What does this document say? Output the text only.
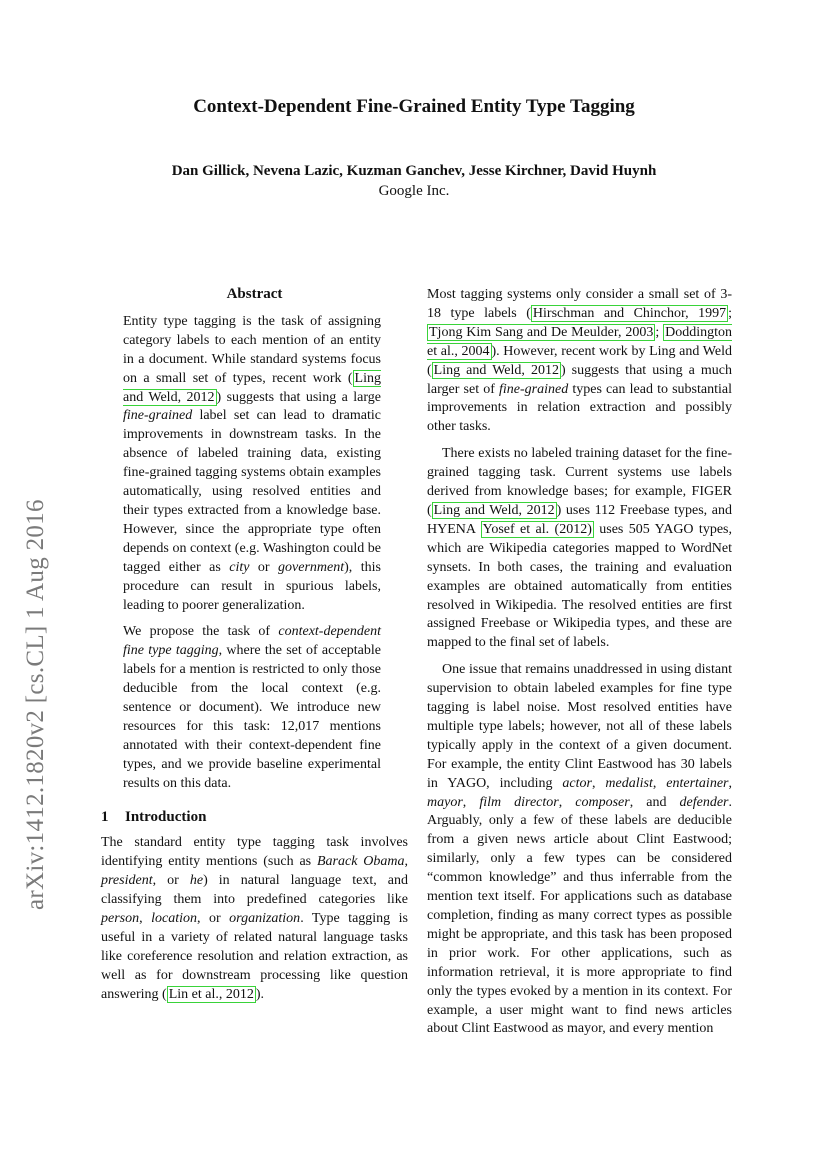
Context-Dependent Fine-Grained Entity Type Tagging
Dan Gillick, Nevena Lazic, Kuzman Ganchev, Jesse Kirchner, David Huynh
Google Inc.
arXiv:1412.1820v2 [cs.CL] 1 Aug 2016
Abstract

Entity type tagging is the task of assigning category labels to each mention of an entity in a document. While standard systems focus on a small set of types, recent work ( Ling and Weld, 2012 ) suggests that using a large fine-grained label set can lead to dramatic improvements in downstream tasks. In the absence of labeled training data, existing fine-grained tagging systems obtain examples automatically, using resolved entities and their types extracted from a knowledge base. However, since the appropriate type often depends on context (e.g. Washington could be tagged either as city or government), this procedure can result in spurious labels, leading to poorer generalization.

We propose the task of context-dependent fine type tagging, where the set of acceptable labels for a mention is restricted to only those deducible from the local context (e.g. sentence or document). We introduce new resources for this task: 12,017 mentions annotated with their context-dependent fine types, and we provide baseline experimental results on this data.

1 Introduction

The standard entity type tagging task involves identifying entity mentions (such as Barack Obama, president, or he) in natural language text, and classifying them into predefined categories like person, location, or organization. Type tagging is useful in a variety of related natural language tasks like coreference resolution and relation extraction, as well as for downstream processing like question answering ( Lin et al., 2012 ).

Most tagging systems only consider a small set of 3-18 type labels ( Hirschman and Chinchor, 1997 ; Tjong Kim Sang and De Meulder, 2003 ; Doddington et al., 2004 ). However, recent work by Ling and Weld ( Ling and Weld, 2012 ) suggests that using a much larger set of fine-grained types can lead to substantial improvements in relation extraction and possibly other tasks.

There exists no labeled training dataset for the fine-grained tagging task. Current systems use labels derived from knowledge bases; for example, FIGER ( Ling and Weld, 2012 ) uses 112 Freebase types, and HYENA Yosef et al. (2012) uses 505 YAGO types, which are Wikipedia categories mapped to WordNet synsets. In both cases, the training and evaluation examples are obtained automatically from entities resolved in Wikipedia. The resolved entities are first assigned Freebase or Wikipedia types, and these are mapped to the final set of labels.

One issue that remains unaddressed in using distant supervision to obtain labeled examples for fine type tagging is label noise. Most resolved entities have multiple type labels; however, not all of these labels typically apply in the context of a given document. For example, the entity Clint Eastwood has 30 labels in YAGO, including actor, medalist, entertainer, mayor, film director, composer, and defender. Arguably, only a few of these labels are deducible from a given news article about Clint Eastwood; similarly, only a few types can be considered “common knowledge” and thus inferrable from the mention text itself. For applications such as database completion, finding as many correct types as possible might be appropriate, and this task has been proposed in prior work. For other applications, such as information retrieval, it is more appropriate to find only the types evoked by a mention in its context. For example, a user might want to find news articles about Clint Eastwood as mayor, and every mention
